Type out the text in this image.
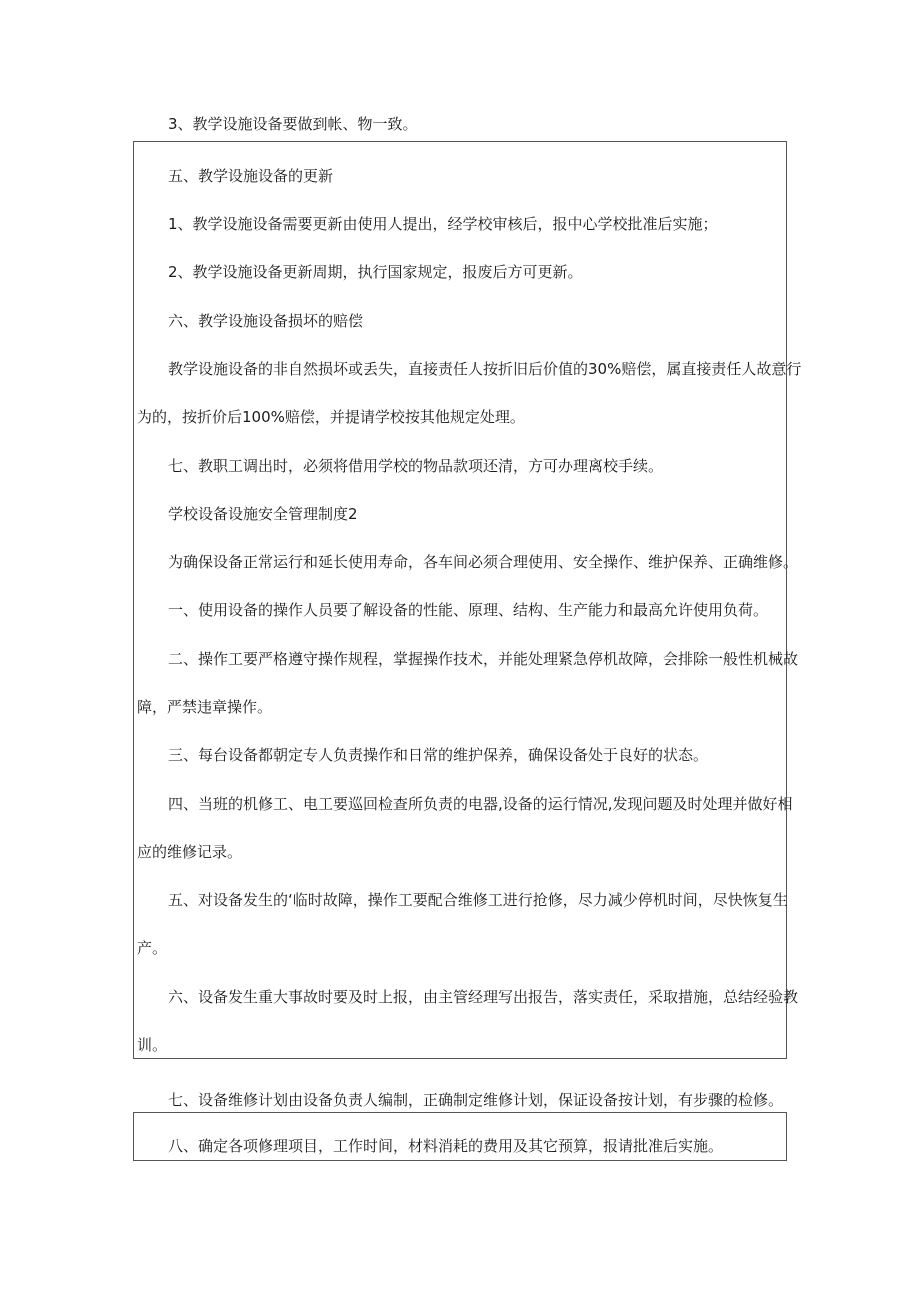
3、教学设施设备要做到帐、物一致。

五、教学设施设备的更新

1、教学设施设备需要更新由使用人提出，经学校审核后，报中心学校批准后实施；

2、教学设施设备更新周期，执行国家规定，报废后方可更新。

六、教学设施设备损坏的赔偿

教学设施设备的非自然损坏或丢失，直接责任人按折旧后价值的30%赔偿，属直接责任人故意行

为的，按折价后100%赔偿，并提请学校按其他规定处理。

七、教职工调出时，必须将借用学校的物品款项还清，方可办理离校手续。

学校设备设施安全管理制度2

为确保设备正常运行和延长使用寿命，各车间必须合理使用、安全操作、维护保养、正确维修。

一、使用设备的操作人员要了解设备的性能、原理、结构、生产能力和最高允许使用负荷。

二、操作工要严格遵守操作规程，掌握操作技术，并能处理紧急停机故障，会排除一般性机械故

障，严禁违章操作。

三、每台设备都朝定专人负责操作和日常的维护保养，确保设备处于良好的状态。

四、当班的机修工、电工要巡回检查所负责的电器,设备的运行情况,发现问题及时处理并做好相

应的维修记录。

五、对设备发生的‘临时故障，操作工要配合维修工进行抢修，尽力减少停机时间，尽快恢复生

产。

六、设备发生重大事故时要及时上报，由主管经理写出报告，落实责任，采取措施，总结经验教

训。

七、设备维修计划由设备负责人编制，正确制定维修计划，保证设备按计划，有步骤的检修。

八、确定各项修理项目，工作时间，材料消耗的费用及其它预算，报请批准后实施。
